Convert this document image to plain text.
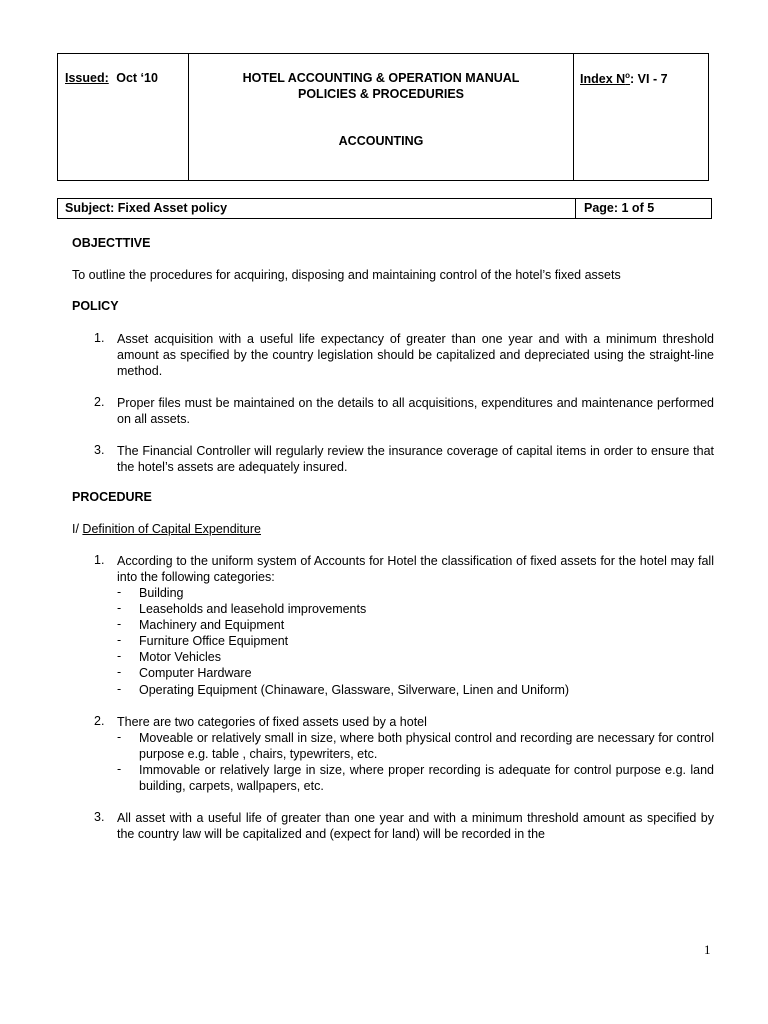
Issued: Oct ‘10	HOTEL ACCOUNTING & OPERATION MANUAL
POLICIES & PROCEDURIES
ACCOUNTING
Index $N^o$: VI - 7
Subject: Fixed Asset policy	Page: 1 of 5
OBJECTTIVE
To outline the procedures for acquiring, disposing and maintaining control of the hotel’s fixed assets
POLICY
1. Asset acquisition with a useful life expectancy of greater than one year and with a minimum threshold amount as specified by the country legislation should be capitalized and depreciated using the straight-line method.
2. Proper files must be maintained on the details to all acquisitions, expenditures and maintenance performed on all assets.
3. The Financial Controller will regularly review the insurance coverage of capital items in order to ensure that the hotel’s assets are adequately insured.
PROCEDURE
I/ Definition of Capital Expenditure
1. According to the uniform system of Accounts for Hotel the classification of fixed assets for the hotel may fall into the following categories:
- Building
- Leaseholds and leasehold improvements
- Machinery and Equipment
- Furniture Office Equipment
- Motor Vehicles
- Computer Hardware
- Operating Equipment (Chinaware, Glassware, Silverware, Linen and Uniform)
2. There are two categories of fixed assets used by a hotel
- Moveable or relatively small in size, where both physical control and recording are necessary for control purpose e.g. table , chairs, typewriters, etc.
- Immovable or relatively large in size, where proper recording is adequate for control purpose e.g. land building, carpets, wallpapers, etc.
3. All asset with a useful life of greater than one year and with a minimum threshold amount as specified by the country law will be capitalized and (expect for land) will be recorded in the
1
